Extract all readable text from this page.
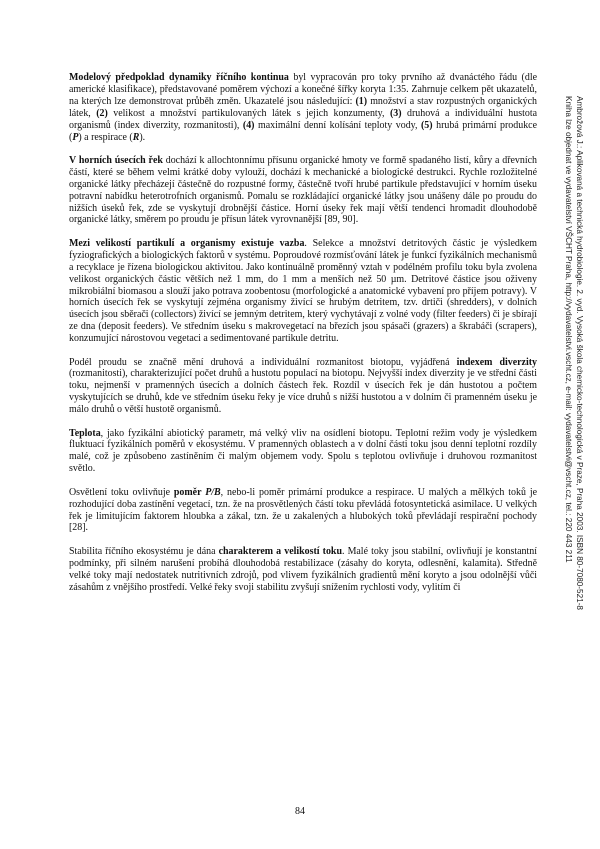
Modelový předpoklad dynamiky říčního kontinua byl vypracován pro toky prvního až dvanáctého řádu (dle americké klasifikace), představované poměrem výchozí a konečné šířky koryta 1:35. Zahrnuje celkem pět ukazatelů, na kterých lze demonstrovat průběh změn. Ukazatelé jsou následující: (1) množství a stav rozpustných organických látek, (2) velikost a množství partikulovaných látek s jejich konzumenty, (3) druhová a individuální hustota organismů (index diverzity, rozmanitosti), (4) maximální denní kolísání teploty vody, (5) hrubá primární produkce (P) a respirace (R).

V horních úsecích řek dochází k allochtonnímu přísunu organické hmoty ve formě spadaného listí, kůry a dřevních částí, které se během velmi krátké doby vylouží, dochází k mechanické a biologické destrukci. Rychle rozložitelné organické látky přecházejí částečně do rozpustné formy, částečně tvoří hrubé partikule představující v horním úseku potravní nabídku heterotrofních organismů. Pomalu se rozkládající organické látky jsou unášeny dále po proudu do nižších úseků řek, zde se vyskytují drobnější částice. Horní úseky řek mají větší tendenci hromadit dlouhodobě organické látky, směrem po proudu je přísun látek vyrovnanější [89, 90].

Mezi velikostí partikulí a organismy existuje vazba. Selekce a množství detritových částic je výsledkem fyziografických a biologických faktorů v systému. Poproudové rozmísťování látek je funkcí fyzikálních mechanismů a recyklace je řízena biologickou aktivitou. Jako kontinuálně proměnný vztah v podélném profilu toku byla zvolena velikost organických částic větších než 1 mm, do 1 mm a menších než 50 µm. Detritové částice jsou oživeny mikrobiální biomasou a slouží jako potrava zoobentosu (morfologické a anatomické vybavení pro příjem potravy). V horních úsecích řek se vyskytují zejména organismy živící se hrubým detritem, tzv. drtiči (shredders), v dolních úsecích jsou sběrači (collectors) živící se jemným detritem, který vychytávají z volné vody (filter feeders) či je sbírají ze dna (deposit feeders). Ve středním úseku s makrovegetací na březích jsou spásači (grazers) a škrabáči (scrapers), konzumující nárostovou vegetaci a sedimentované partikule detritu.

Podél proudu se značně mění druhová a individuální rozmanitost biotopu, vyjádřená indexem diverzity (rozmanitosti), charakterizující počet druhů a hustotu populací na biotopu. Nejvyšší index diverzity je ve střední části toku, nejmenší v pramenných úsecích a dolních částech řek. Rozdíl v úsecích řek je dán hustotou a počtem vyskytujících se druhů, kde ve středním úseku řeky je více druhů s nižší hustotou a v dolním či pramenném úseku je málo druhů o větší hustotě organismů.

Teplota, jako fyzikální abiotický parametr, má velký vliv na osídlení biotopu. Teplotní režim vody je výsledkem fluktuací fyzikálních poměrů v ekosystému. V pramenných oblastech a v dolní části toku jsou denní teplotní rozdíly malé, což je způsobeno zastíněním či malým objemem vody. Spolu s teplotou ovlivňuje i druhovou rozmanitost světlo.

Osvětlení toku ovlivňuje poměr P/B, nebo-li poměr primární produkce a respirace. U malých a mělkých toků je rozhodující doba zastínění vegetací, tzn. že na prosvětlených částí toku převládá fotosyntetická asimilace. U velkých řek je limitujícím faktorem hloubka a zákal, tzn. že u zakalených a hlubokých toků převládají respirační pochody [28].

Stabilita říčního ekosystému je dána charakterem a velikostí toku. Malé toky jsou stabilní, ovlivňují je konstantní podmínky, při silném narušení probíhá dlouhodobá restabilizace (zásahy do koryta, odlesnění, kalamita). Středně velké toky mají nedostatek nutritivních zdrojů, pod vlivem fyzikálních gradientů mění koryto a jsou odolnější vůči zásahům z vnějšího prostředí. Velké řeky svoji stabilitu zvyšují snížením rychlosti vody, vylitím či

84
Ambrožová J.: Aplikovaná a technická hydrobiologie. 2. vyd. Vysoká škola chemicko-technologická v Praze, Praha 2003. ISBN 80-7080-521-8
Kniha lze objednat ve vydavatelství VŠCHT Praha, http://vydavatelstvi.vscht.cz, e-mail: vydavatelstvi@vscht.cz, tel.: 220 443 211
